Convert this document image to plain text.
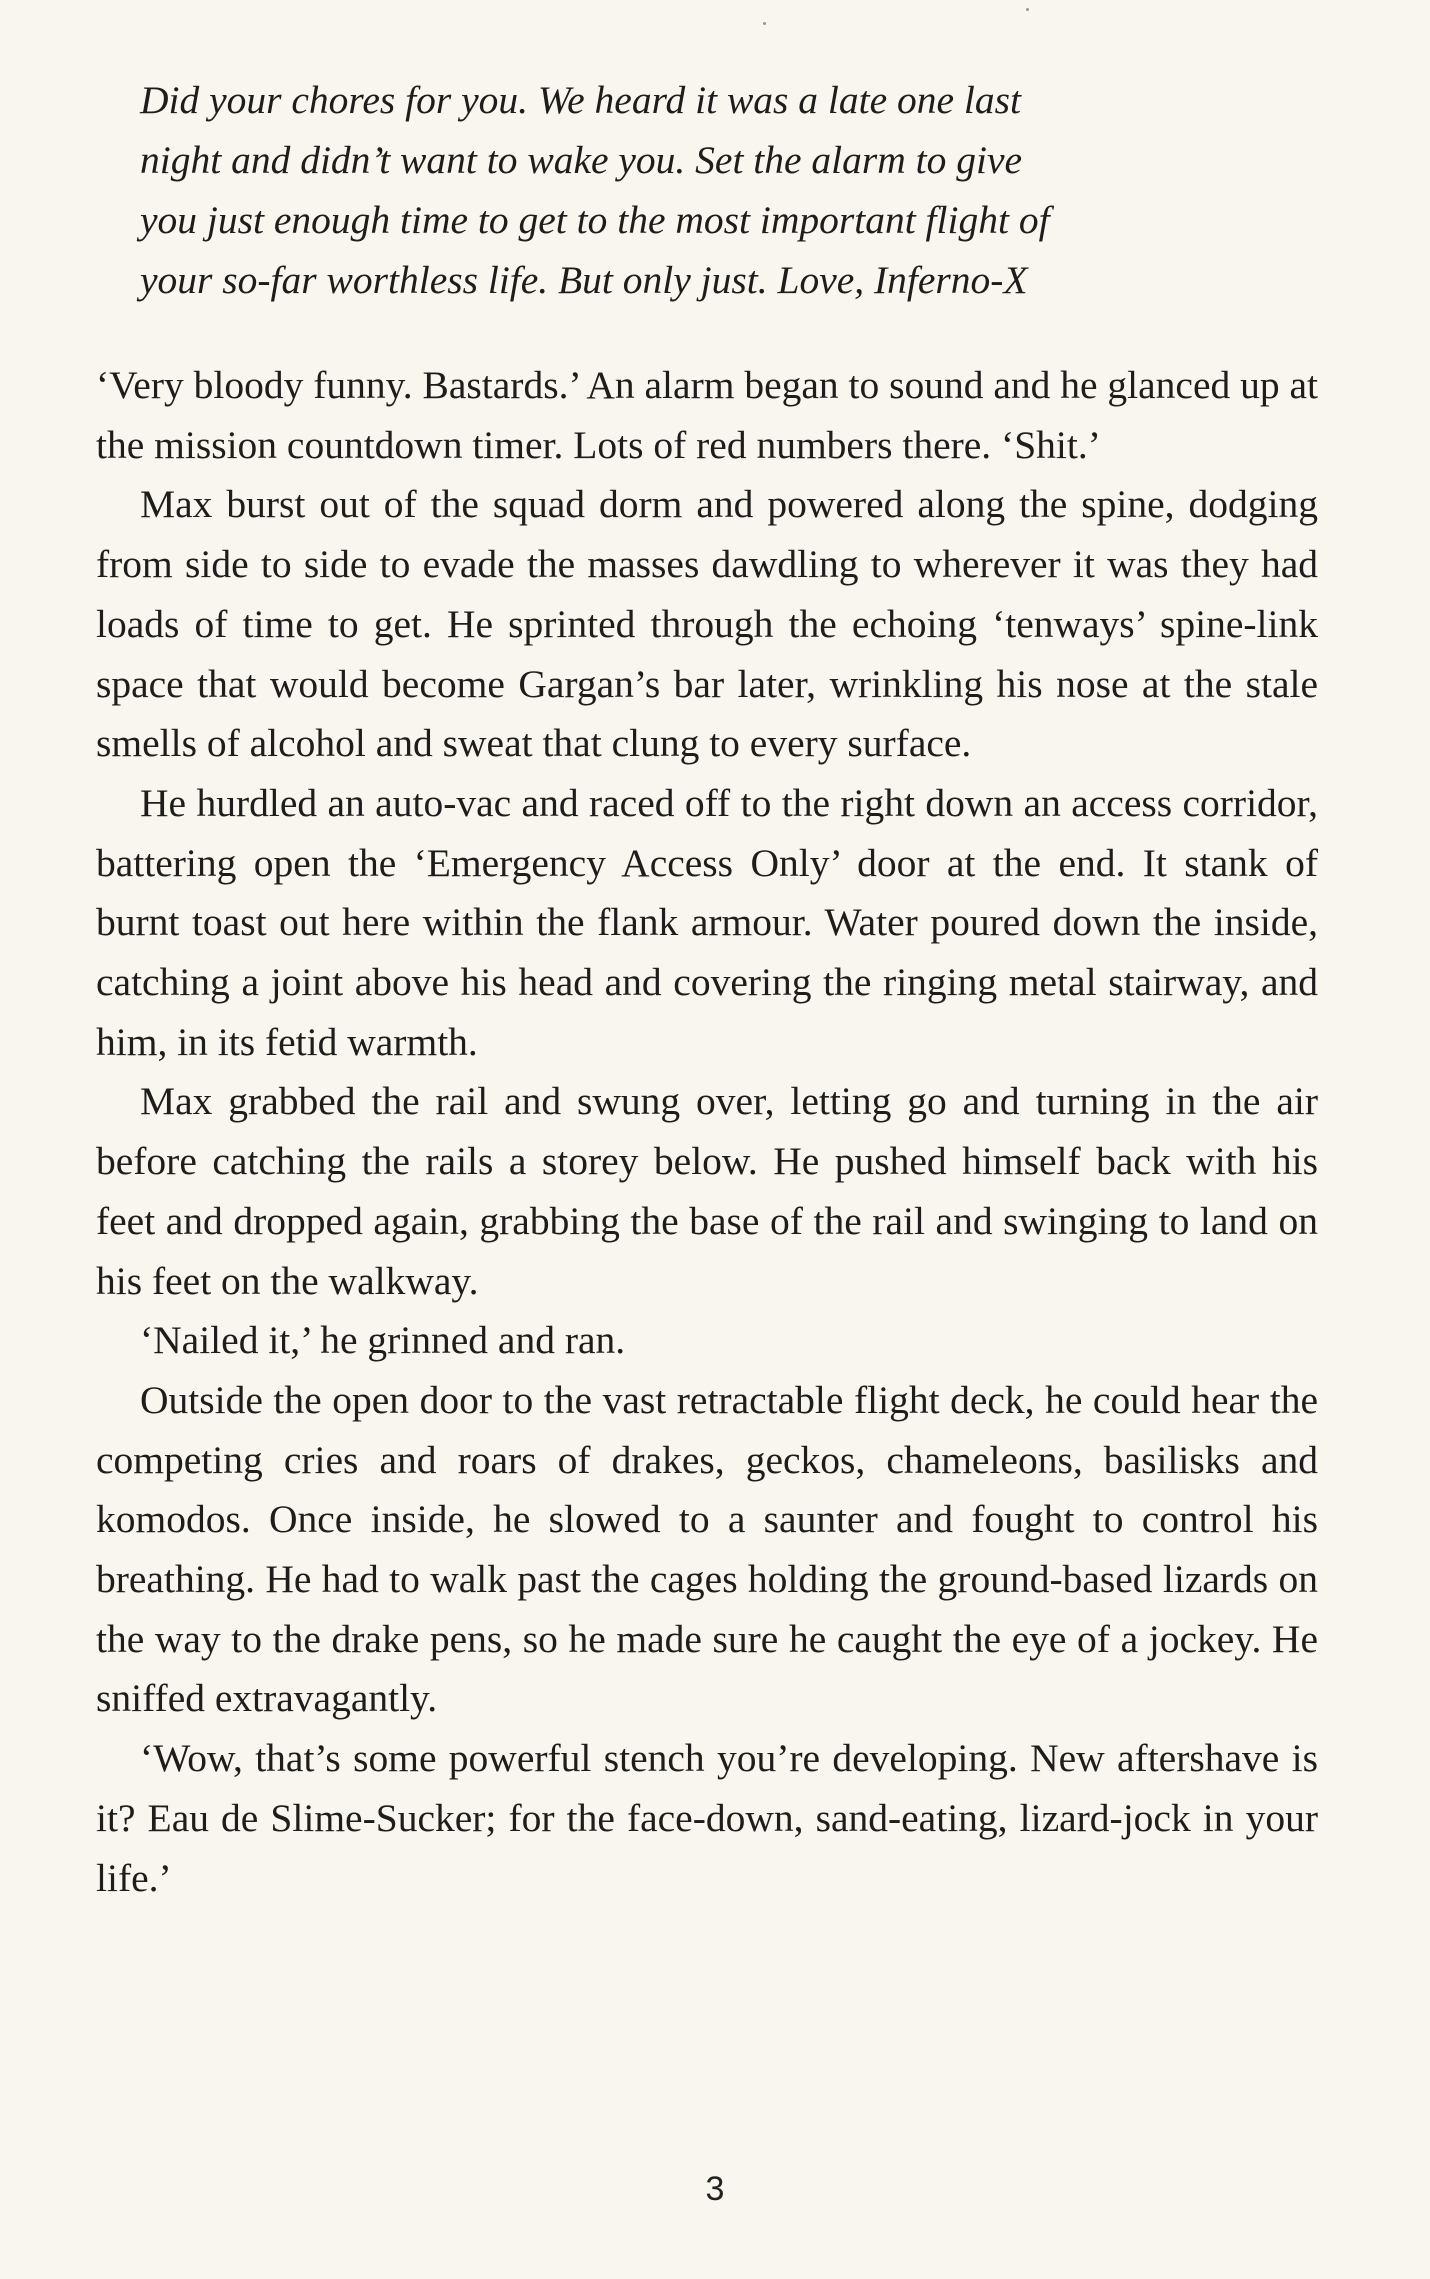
Did your chores for you. We heard it was a late one last
night and didn’t want to wake you. Set the alarm to give
you just enough time to get to the most important flight of
your so-far worthless life. But only just. Love, Inferno-X

‘Very bloody funny. Bastards.’ An alarm began to sound and he glanced up at the mission countdown timer. Lots of red numbers there. ‘Shit.’

Max burst out of the squad dorm and powered along the spine, dodging from side to side to evade the masses dawdling to wherever it was they had loads of time to get. He sprinted through the echoing ‘tenways’ spine-link space that would become Gargan’s bar later, wrinkling his nose at the stale smells of alcohol and sweat that clung to every surface.

He hurdled an auto-vac and raced off to the right down an access corridor, battering open the ‘Emergency Access Only’ door at the end. It stank of burnt toast out here within the flank armour. Water poured down the inside, catching a joint above his head and covering the ringing metal stairway, and him, in its fetid warmth.

Max grabbed the rail and swung over, letting go and turning in the air before catching the rails a storey below. He pushed himself back with his feet and dropped again, grabbing the base of the rail and swinging to land on his feet on the walkway.

‘Nailed it,’ he grinned and ran.

Outside the open door to the vast retractable flight deck, he could hear the competing cries and roars of drakes, geckos, chameleons, basilisks and komodos. Once inside, he slowed to a saunter and fought to control his breathing. He had to walk past the cages holding the ground-based lizards on the way to the drake pens, so he made sure he caught the eye of a jockey. He sniffed extravagantly.

‘Wow, that’s some powerful stench you’re developing. New aftershave is it? Eau de Slime-Sucker; for the face-down, sand-eating, lizard-jock in your life.’

3
